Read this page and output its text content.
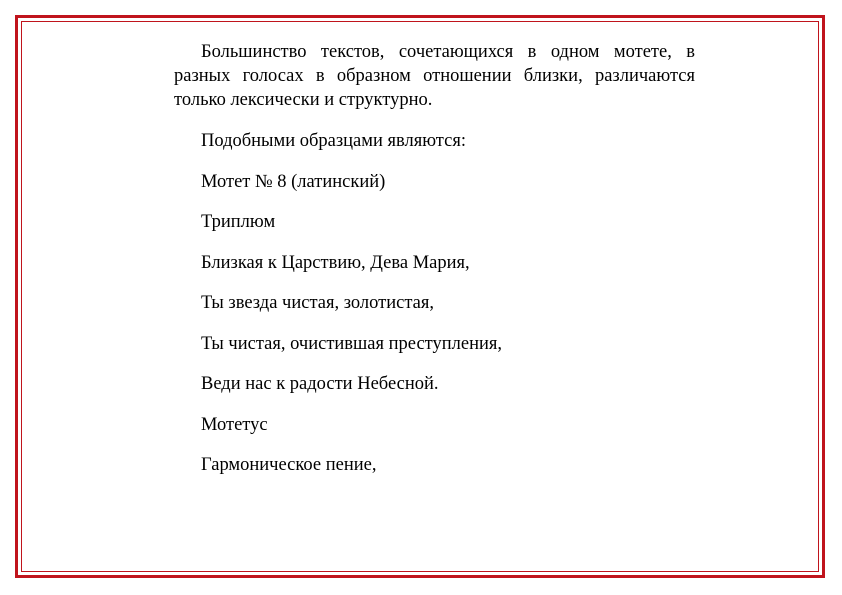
Большинство текстов, сочетающихся в одном мотете, в разных голосах в образном отношении близки, различаются только лексически и структурно.

Подобными образцами являются:

Мотет № 8 (латинский)

Триплюм

Близкая к Царствию, Дева Мария,

Ты звезда чистая, золотистая,

Ты чистая, очистившая преступления,

Веди нас к радости Небесной.

Мотетус

Гармоническое пение,
